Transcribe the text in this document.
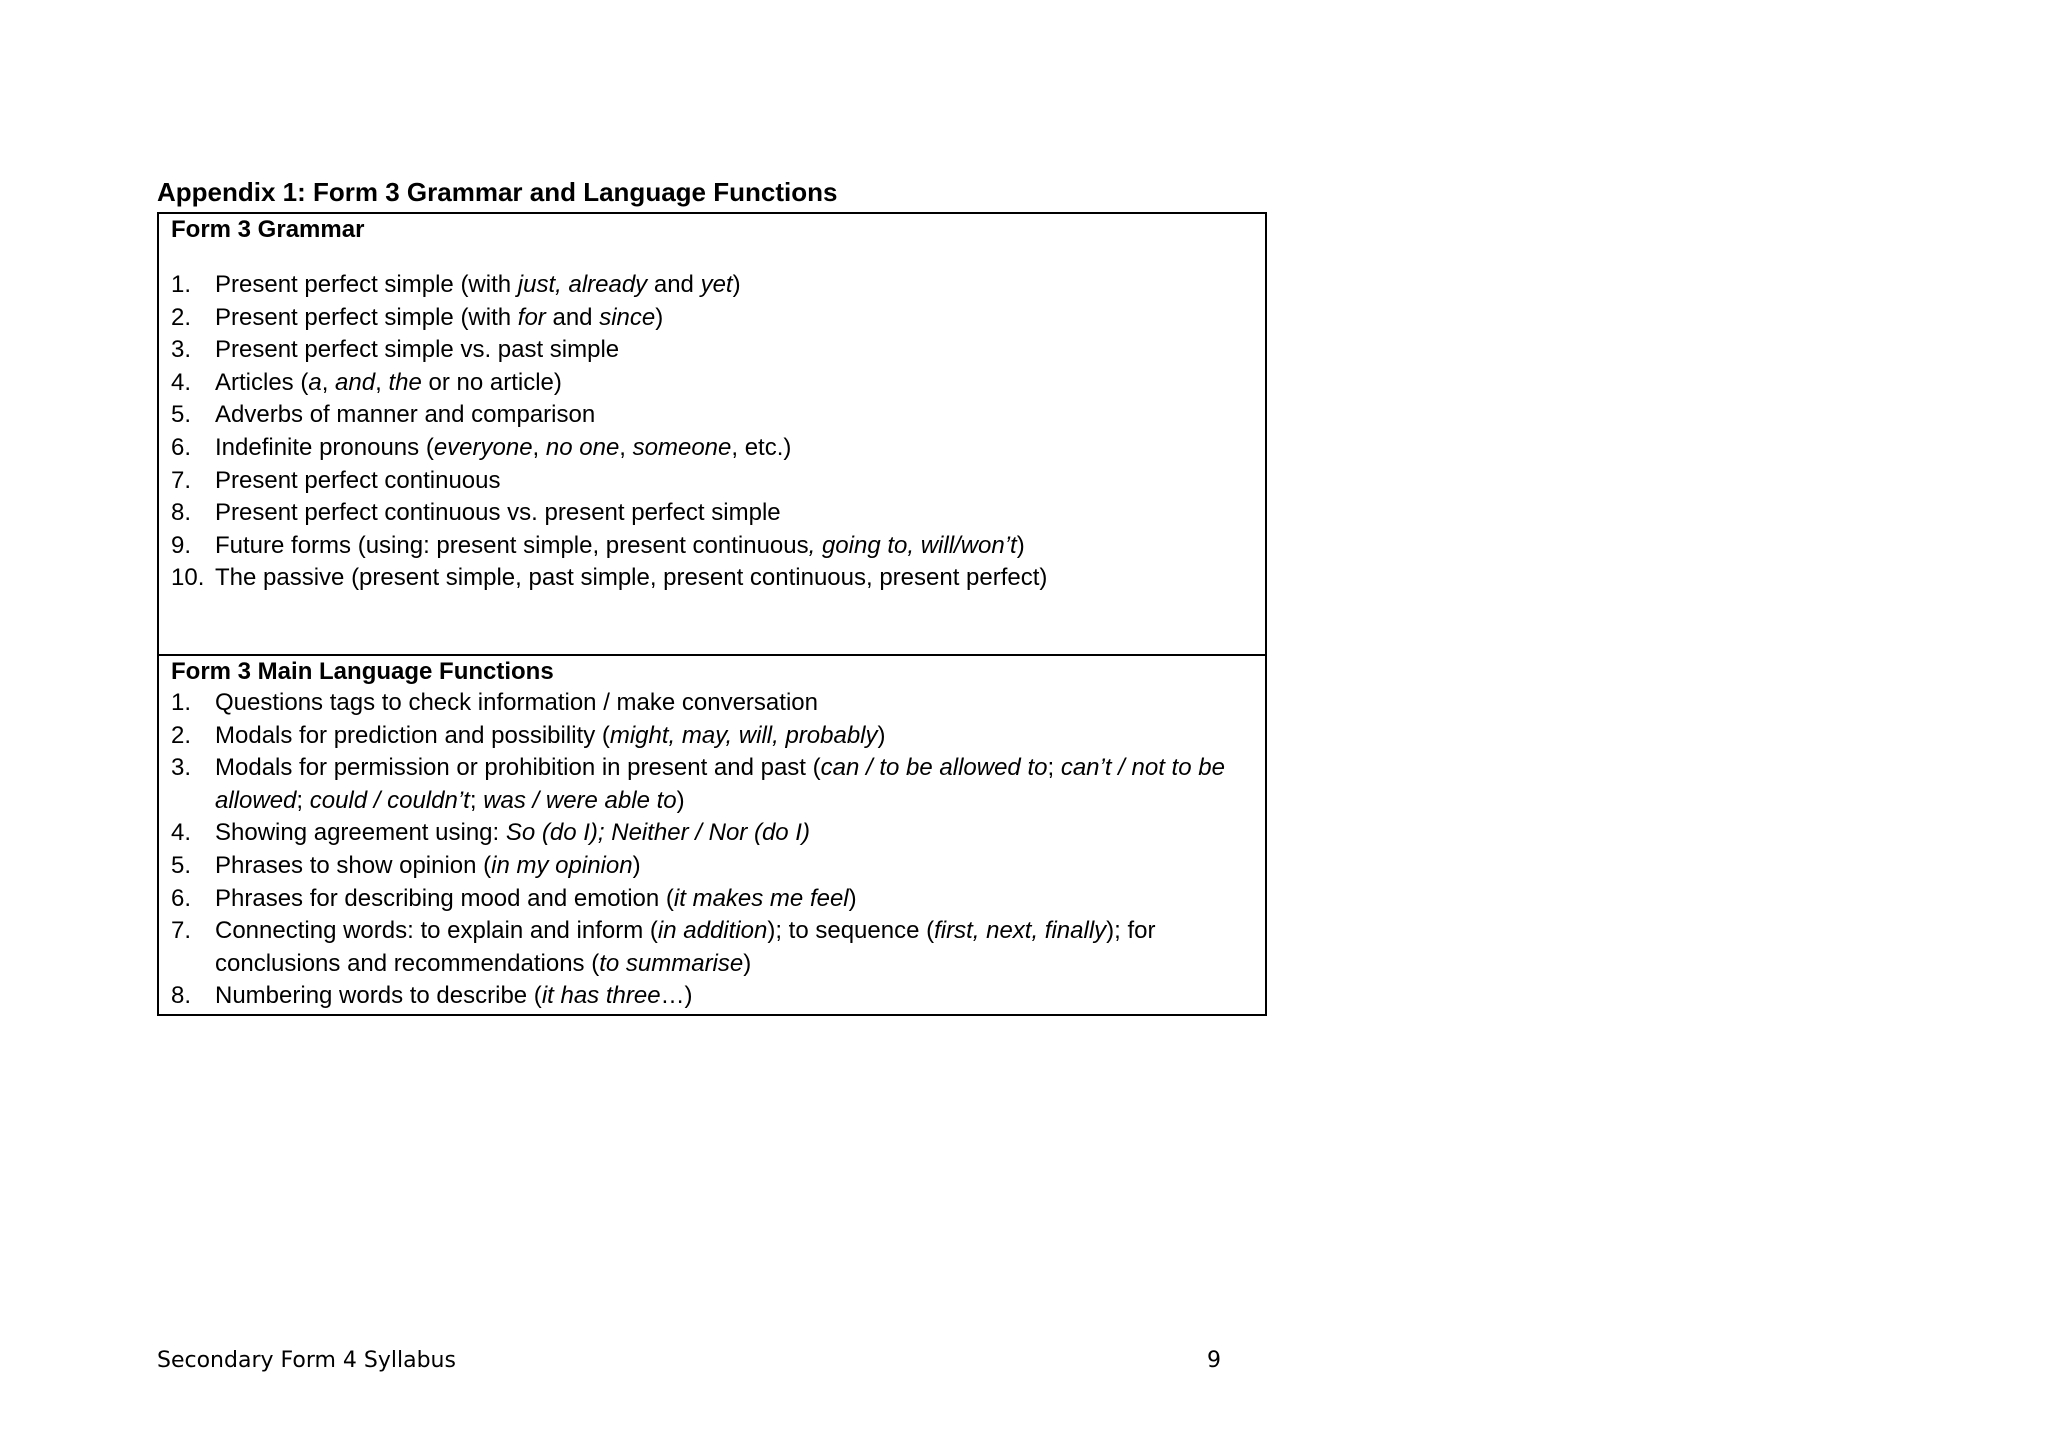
Appendix 1: Form 3 Grammar and Language Functions
Form 3 Grammar
1. Present perfect simple (with just, already and yet)
2. Present perfect simple (with for and since)
3. Present perfect simple vs. past simple
4. Articles (a, and, the or no article)
5. Adverbs of manner and comparison
6. Indefinite pronouns (everyone, no one, someone, etc.)
7. Present perfect continuous
8. Present perfect continuous vs. present perfect simple
9. Future forms (using: present simple, present continuous, going to, will/won’t)
10. The passive (present simple, past simple, present continuous, present perfect)
Form 3 Main Language Functions
1. Questions tags to check information / make conversation
2. Modals for prediction and possibility (might, may, will, probably)
3. Modals for permission or prohibition in present and past (can / to be allowed to; can’t / not to be allowed; could / couldn’t; was / were able to)
4. Showing agreement using: So (do I); Neither / Nor (do I)
5. Phrases to show opinion (in my opinion)
6. Phrases for describing mood and emotion (it makes me feel)
7. Connecting words: to explain and inform (in addition); to sequence (first, next, finally); for conclusions and recommendations (to summarise)
8. Numbering words to describe (it has three…)
Secondary Form 4 Syllabus	9
